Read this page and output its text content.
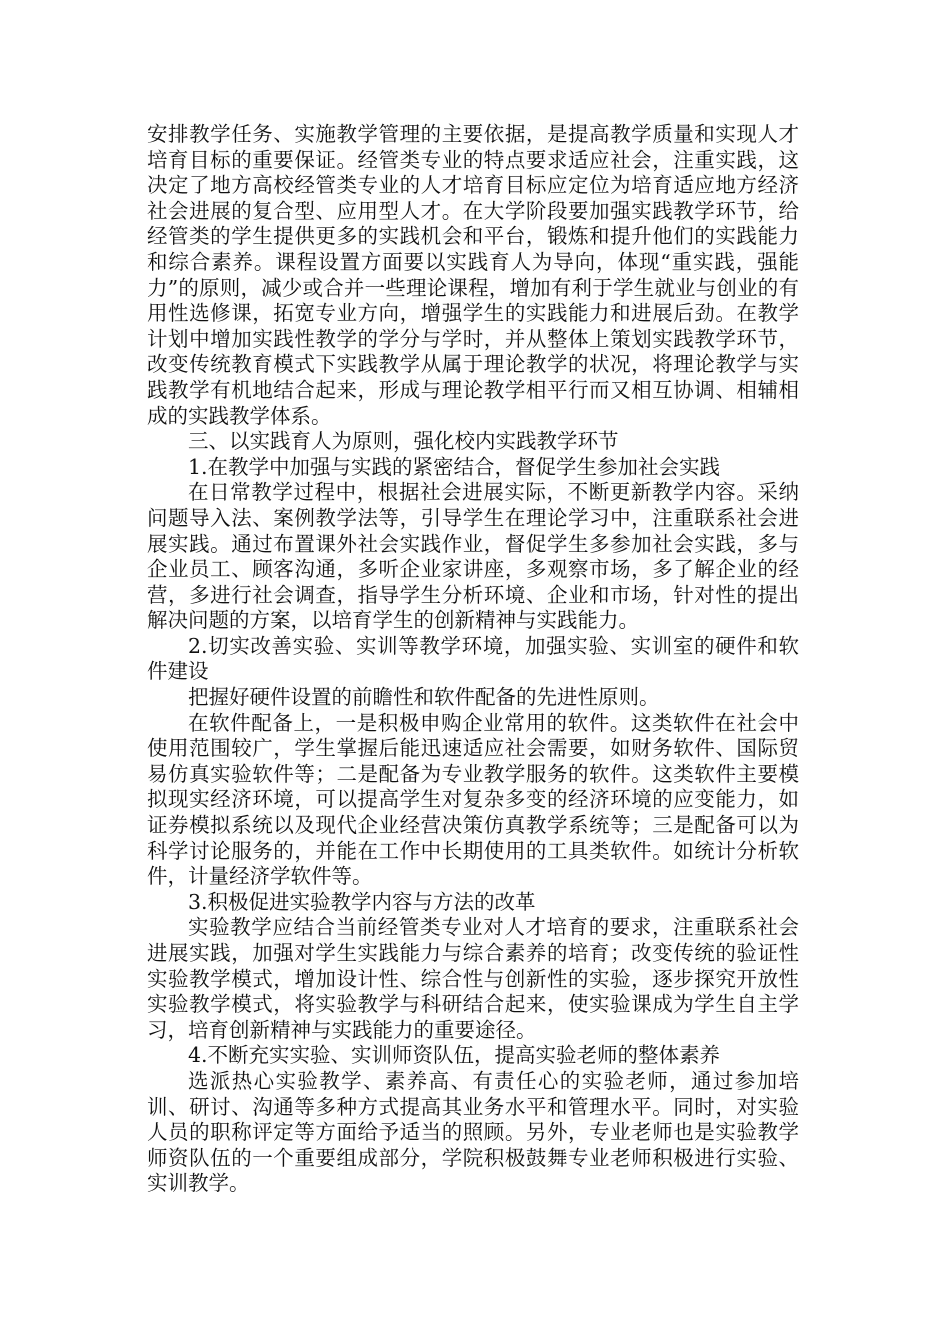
安排教学任务、实施教学管理的主要依据，是提高教学质量和实现人才培育目标的重要保证。经管类专业的特点要求适应社会，注重实践，这决定了地方高校经管类专业的人才培育目标应定位为培育适应地方经济社会进展的复合型、应用型人才。在大学阶段要加强实践教学环节，给经管类的学生提供更多的实践机会和平台，锻炼和提升他们的实践能力和综合素养。课程设置方面要以实践育人为导向，体现“重实践，强能力”的原则，减少或合并一些理论课程，增加有利于学生就业与创业的有用性选修课，拓宽专业方向，增强学生的实践能力和进展后劲。在教学计划中增加实践性教学的学分与学时，并从整体上策划实践教学环节，改变传统教育模式下实践教学从属于理论教学的状况，将理论教学与实践教学有机地结合起来，形成与理论教学相平行而又相互协调、相辅相成的实践教学体系。

三、以实践育人为原则，强化校内实践教学环节

1.在教学中加强与实践的紧密结合，督促学生参加社会实践

在日常教学过程中，根据社会进展实际，不断更新教学内容。采纳问题导入法、案例教学法等，引导学生在理论学习中，注重联系社会进展实践。通过布置课外社会实践作业，督促学生多参加社会实践，多与企业员工、顾客沟通，多听企业家讲座，多观察市场，多了解企业的经营，多进行社会调查，指导学生分析环境、企业和市场，针对性的提出解决问题的方案，以培育学生的创新精神与实践能力。

2.切实改善实验、实训等教学环境，加强实验、实训室的硬件和软件建设

把握好硬件设置的前瞻性和软件配备的先进性原则。

在软件配备上，一是积极申购企业常用的软件。这类软件在社会中使用范围较广，学生掌握后能迅速适应社会需要，如财务软件、国际贸易仿真实验软件等；二是配备为专业教学服务的软件。这类软件主要模拟现实经济环境，可以提高学生对复杂多变的经济环境的应变能力，如证券模拟系统以及现代企业经营决策仿真教学系统等；三是配备可以为科学讨论服务的，并能在工作中长期使用的工具类软件。如统计分析软件，计量经济学软件等。

3.积极促进实验教学内容与方法的改革

实验教学应结合当前经管类专业对人才培育的要求，注重联系社会进展实践，加强对学生实践能力与综合素养的培育；改变传统的验证性实验教学模式，增加设计性、综合性与创新性的实验，逐步探究开放性实验教学模式，将实验教学与科研结合起来，使实验课成为学生自主学习，培育创新精神与实践能力的重要途径。

4.不断充实实验、实训师资队伍，提高实验老师的整体素养

选派热心实验教学、素养高、有责任心的实验老师，通过参加培训、研讨、沟通等多种方式提高其业务水平和管理水平。同时，对实验人员的职称评定等方面给予适当的照顾。另外，专业老师也是实验教学师资队伍的一个重要组成部分，学院积极鼓舞专业老师积极进行实验、实训教学。
